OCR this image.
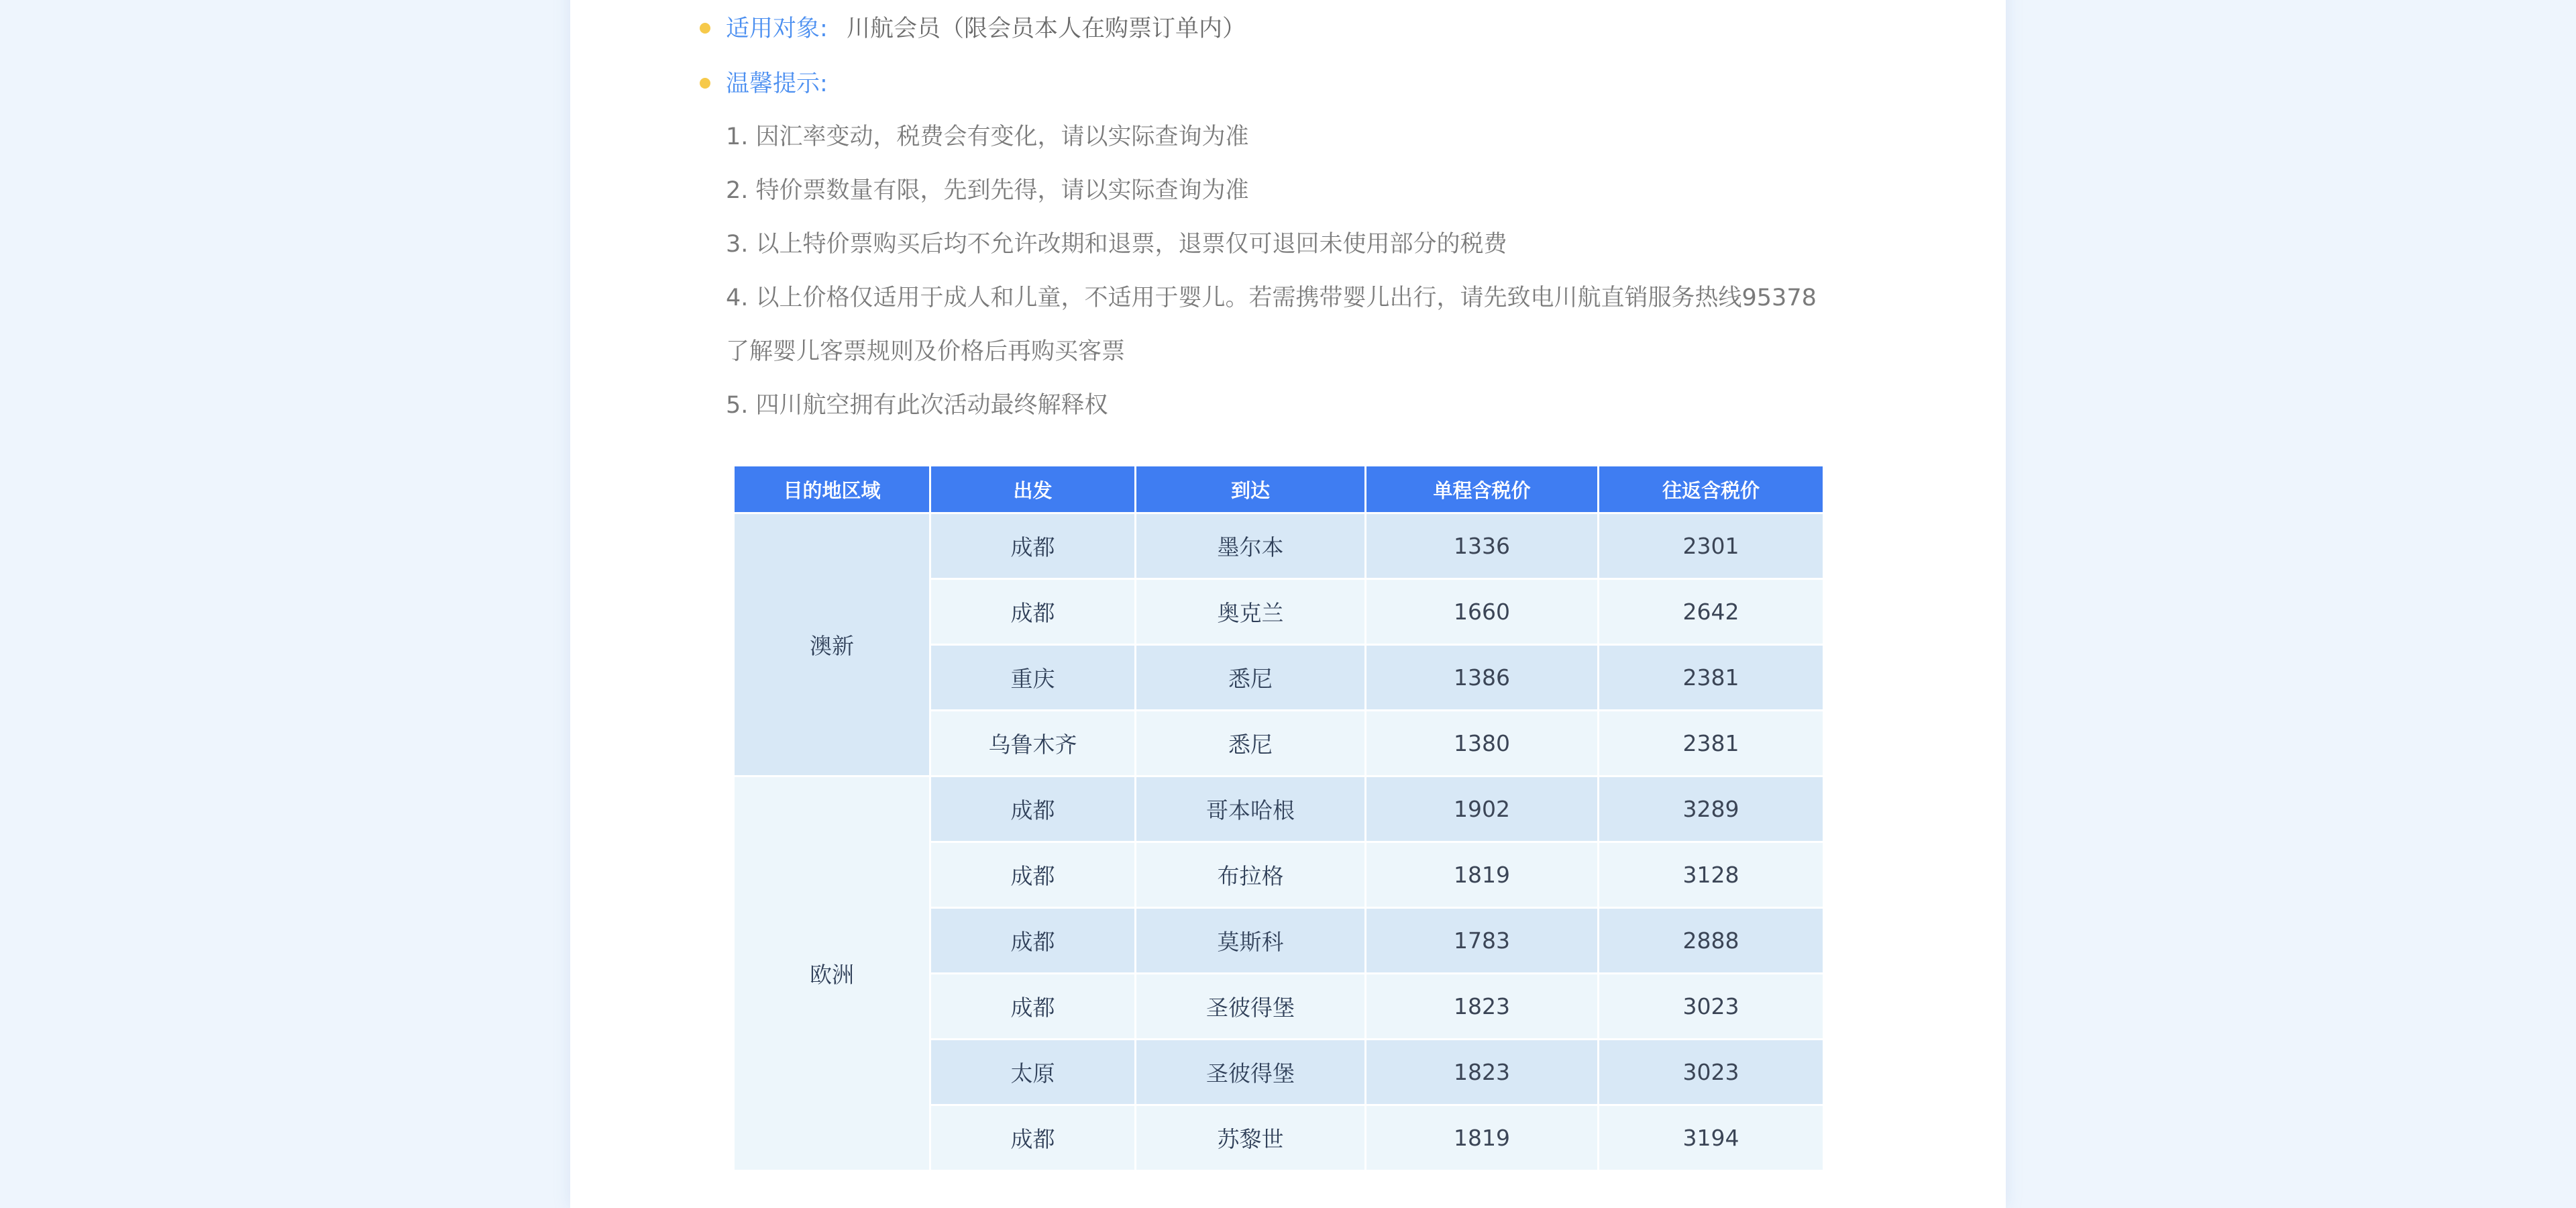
适用对象: 川航会员（限会员本人在购票订单内）
温馨提示:
1. 因汇率变动，税费会有变化，请以实际查询为准
2. 特价票数量有限，先到先得，请以实际查询为准
3. 以上特价票购买后均不允许改期和退票，退票仅可退回未使用部分的税费
4. 以上价格仅适用于成人和儿童，不适用于婴儿。若需携带婴儿出行，请先致电川航直销服务热线95378
了解婴儿客票规则及价格后再购买客票
5. 四川航空拥有此次活动最终解释权
目的地区域	出发	到达	单程含税价	往返含税价
澳新	成都	墨尔本	1336	2301
	成都	奥克兰	1660	2642
	重庆	悉尼	1386	2381
	乌鲁木齐	悉尼	1380	2381
欧洲	成都	哥本哈根	1902	3289
	成都	布拉格	1819	3128
	成都	莫斯科	1783	2888
	成都	圣彼得堡	1823	3023
	太原	圣彼得堡	1823	3023
	成都	苏黎世	1819	3194
